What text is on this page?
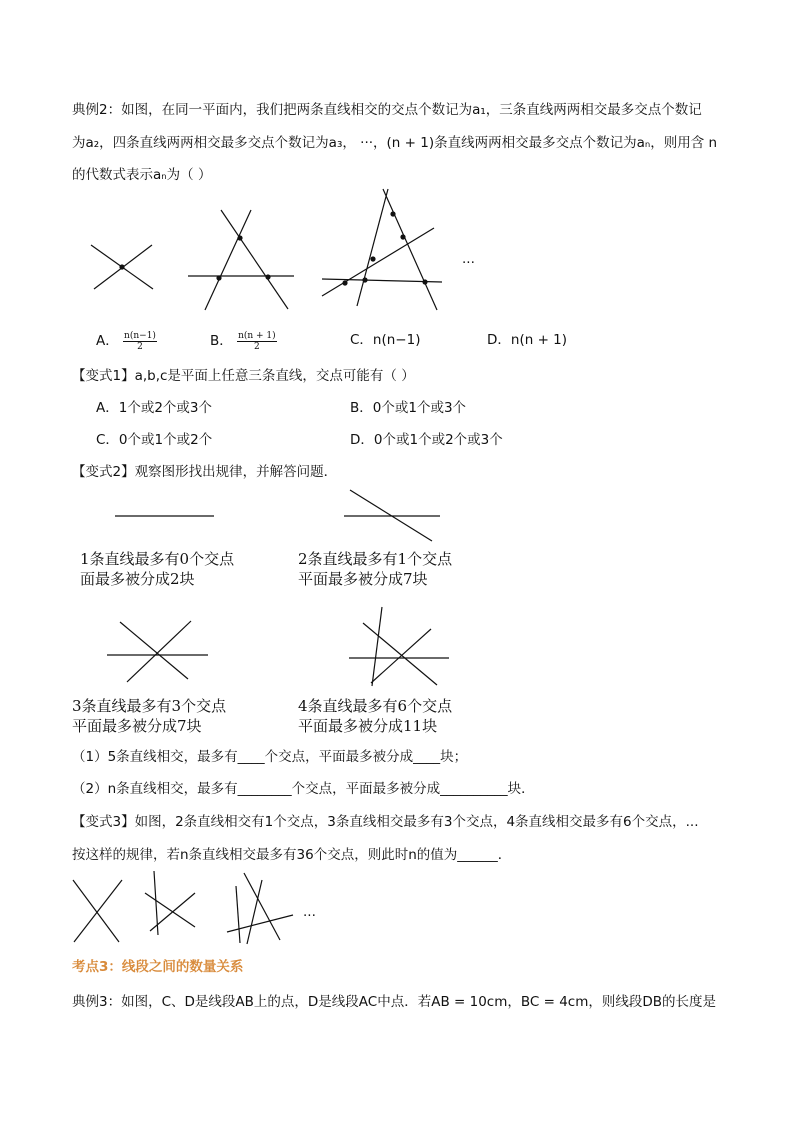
典例2：如图，在同一平面内，我们把两条直线相交的交点个数记为a₁，三条直线两两相交最多交点个数记
为a₂，四条直线两两相交最多交点个数记为a₃， ···，(n + 1)条直线两两相交最多交点个数记为aₙ，则用含 n
的代数式表示aₙ为（ ）
···
A． $\frac{n(n-1)}{2}$	B． $\frac{n(n + 1)}{2}$	C．n(n−1)	D．n(n + 1)
【变式1】a,b,c是平面上任意三条直线，交点可能有（ ）
A．1个或2个或3个	B．0个或1个或3个
C．0个或1个或2个	D．0个或1个或2个或3个
【变式2】观察图形找出规律，并解答问题．
1条直线最多有0个交点
面最多被分成2块
2条直线最多有1个交点
平面最多被分成7块
3条直线最多有3个交点
平面最多被分成7块
4条直线最多有6个交点
平面最多被分成11块
（1）5条直线相交，最多有____个交点，平面最多被分成____块；
（2）n条直线相交，最多有________个交点，平面最多被分成__________块．
【变式3】如图，2条直线相交有1个交点，3条直线相交最多有3个交点，4条直线相交最多有6个交点，...
按这样的规律，若n条直线相交最多有36个交点，则此时n的值为______．
···
考点3：线段之间的数量关系
典例3：如图，C、D是线段AB上的点，D是线段AC中点．若AB = 10cm，BC = 4cm，则线段DB的长度是
